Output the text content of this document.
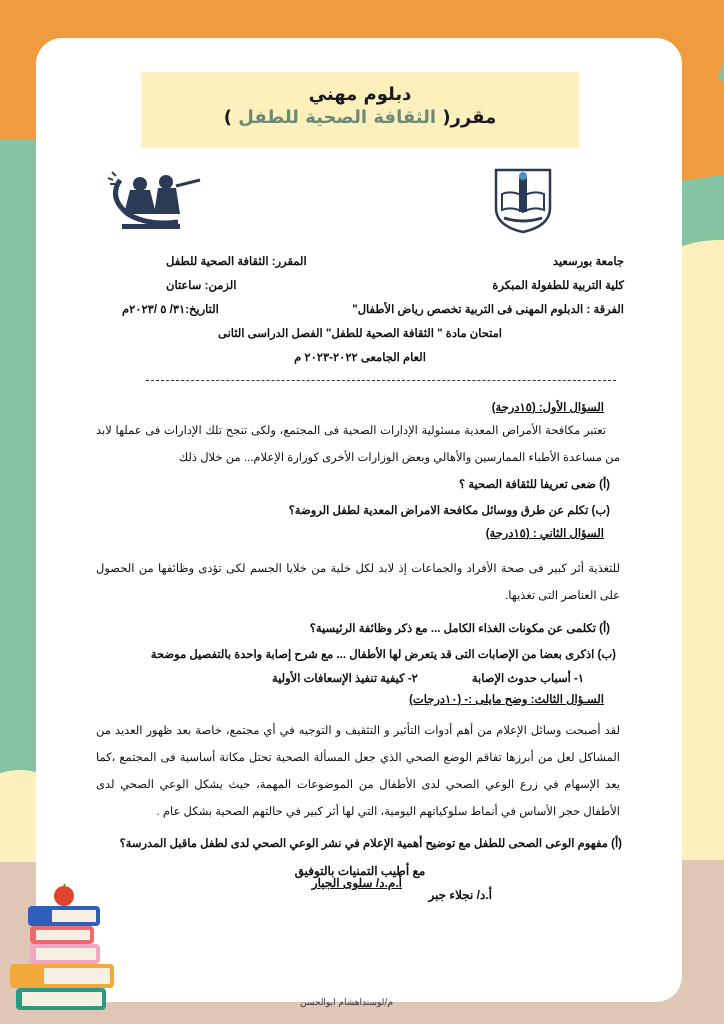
دبلوم مهني
مقرر( الثقافة الصحية للطفل )
جامعة بورسعيد
المقرر: الثقافة الصحية للطفل
كلية التربية للطفولة المبكرة
الزمن: ساعتان
الفرقة : الدبلوم المهنى فى التربية تخصص رياض الأطفال"
التاريخ:٣١/ ٥ /٢٠٢٣م
امتحان مادة " الثقافة الصحية للطفل" الفصل الدراسى الثانى
العام الجامعى ٢٠٢٢-٢٠٢٣ م
السؤال الأول: (١٥درجة)
تعتبر مكافحة الأمراض المعدية مسئولية الإدارات الصحية فى المجتمع، ولكى تنجح تلك الإدارات فى عملها لابد من مساعدة الأطباء الممارسين والأهالي وبعض الوزارات الأخرى كوزارة الإعلام... من خلال ذلك
(أ) ضعى تعريفا للثقافة الصحية ؟
(ب) تكلم عن طرق ووسائل مكافحة الامراض المعدية لطفل الروضة؟
السؤال الثاني : (١٥درجة)
للتغذية أثر كبير فى صحة الأفراد والجماعات إذ لابد لكل خلية من خلايا الجسم لكى تؤدى وظائفها من الحصول على العناصر التى تغذيها.
(أ) تكلمى عن مكونات الغذاء الكامل ... مع ذكر وظائفة الرئيسية؟
(ب) اذكرى بعضا من الإصابات التى قد يتعرض لها الأطفال ... مع شرح إصابة واحدة بالتفصيل موضحة
١- أسباب حدوث الإصابة
٢- كيفية تنفيذ الإسعافات الأولية
السـؤال الثالث: وضح مايلى :- (١٠درجات)
لقد أصبحت وسائل الإعلام من أهم أدوات التأثير و التثقيف و التوجيه في أي مجتمع، خاصة بعد ظهور العديد من المشاكل لعل من أبرزها تفاقم الوضع الصحي الذي جعل المسألة الصحية تحتل مكانة أساسية فى المجتمع ،كما يعد الإسهام في زرع الوعي الصحي لدى الأطفال من الموضوعات المهمة، حيث يشكل الوعي الصحي لدى الأطفال حجر الأساس في أنماط سلوكياتهم اليومية، التي لها أثر كبير في حالتهم الصحية بشكل عام .
(أ) مفهوم الوعى الصحى للطفل مع توضيح أهمية الإعلام في نشر الوعي الصحي لدى لطفل ماقبل المدرسة؟
مع أطيب التمنيات بالتوفيق
أ.د/ نجلاء جبر
أ.م.د/ سلوى الجيار
م/لوسنداهشام ابوالحسن
